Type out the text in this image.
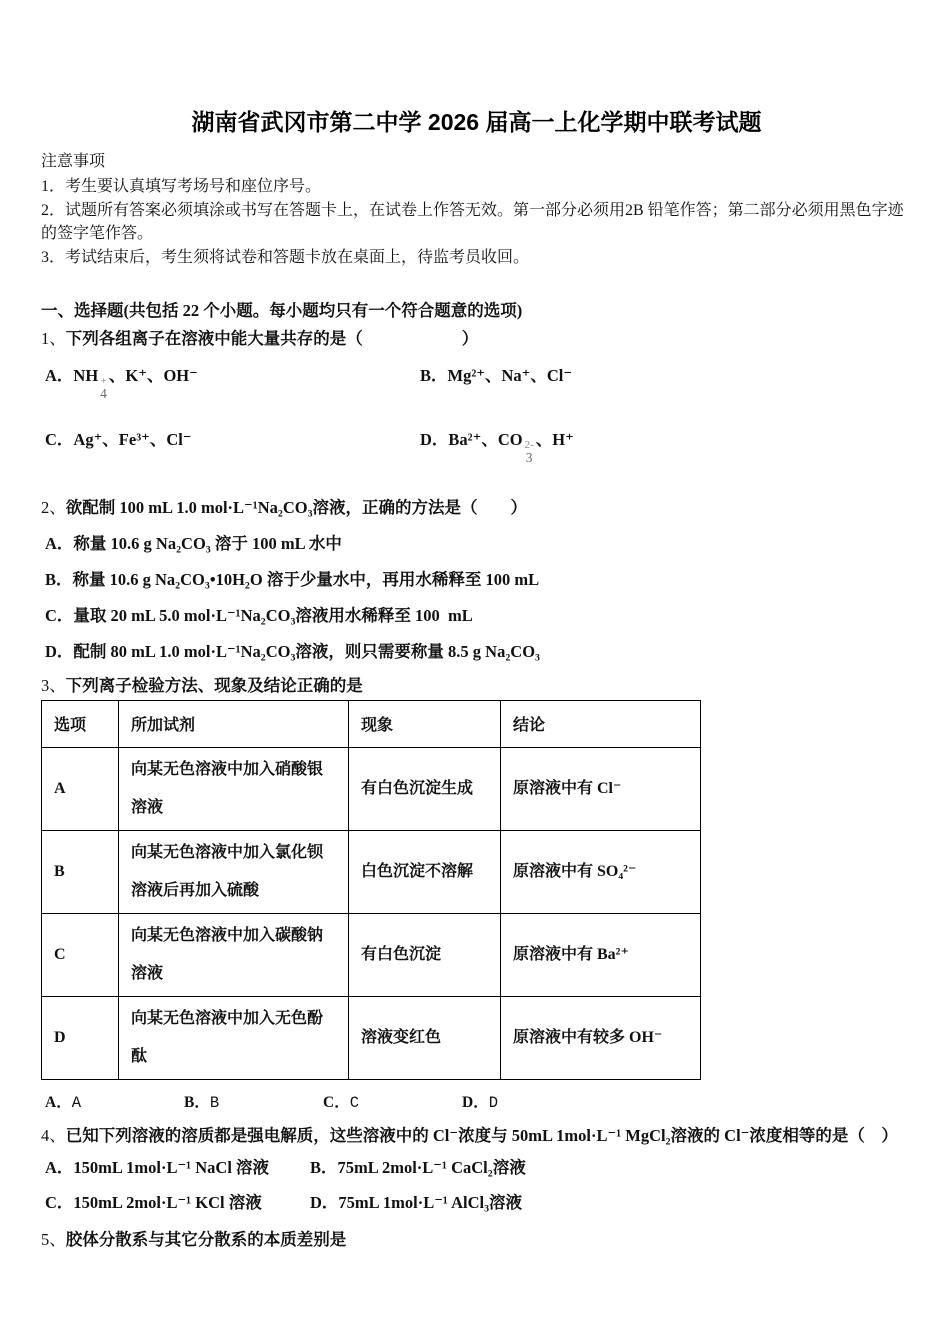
湖南省武冈市第二中学 2026 届高一上化学期中联考试题
注意事项
1．考生要认真填写考场号和座位序号。
2．试题所有答案必须填涂或书写在答题卡上，在试卷上作答无效。第一部分必须用2B 铅笔作答；第二部分必须用黑色字迹的签字笔作答。
3．考试结束后，考生须将试卷和答题卡放在桌面上，待监考员收回。
一、选择题(共包括 22 个小题。每小题均只有一个符合题意的选项)
1、下列各组离子在溶液中能大量共存的是（　　　　　　）
A．NH +
4
、K⁺、OH⁻	B．Mg²⁺、Na⁺、Cl⁻
C．Ag⁺、Fe³⁺、Cl⁻	D．Ba²⁺、CO 2-
3
、H⁺
2、欲配制 100 mL 1.0 mol·L⁻¹Na₂CO₃溶液，正确的方法是（　　）
A．称量 10.6 g Na₂CO₃ 溶于 100 mL 水中
B．称量 10.6 g Na₂CO₃•10H₂O 溶于少量水中，再用水稀释至 100 mL
C．量取 20 mL 5.0 mol·L⁻¹Na₂CO₃溶液用水稀释至 100  mL
D．配制 80 mL 1.0 mol·L⁻¹Na₂CO₃溶液，则只需要称量 8.5 g Na₂CO₃
3、下列离子检验方法、现象及结论正确的是
选项	所加试剂	现象	结论
A	向某无色溶液中加入硝酸银溶液	有白色沉淀生成	原溶液中有 Cl⁻
B	向某无色溶液中加入氯化钡溶液后再加入硫酸	白色沉淀不溶解	原溶液中有 SO₄²⁻
C	向某无色溶液中加入碳酸钠溶液	有白色沉淀	原溶液中有 Ba²⁺
D	向某无色溶液中加入无色酚酞	溶液变红色	原溶液中有较多 OH⁻
A．A	B．B	C．C	D．D
4、已知下列溶液的溶质都是强电解质，这些溶液中的 Cl⁻浓度与 50mL 1mol·L⁻¹ MgCl₂溶液的 Cl⁻浓度相等的是（　）
A．150mL 1mol·L⁻¹ NaCl 溶液	B．75mL 2mol·L⁻¹ CaCl₂溶液
C．150mL 2mol·L⁻¹ KCl 溶液	D．75mL 1mol·L⁻¹ AlCl₃溶液
5、胶体分散系与其它分散系的本质差别是
